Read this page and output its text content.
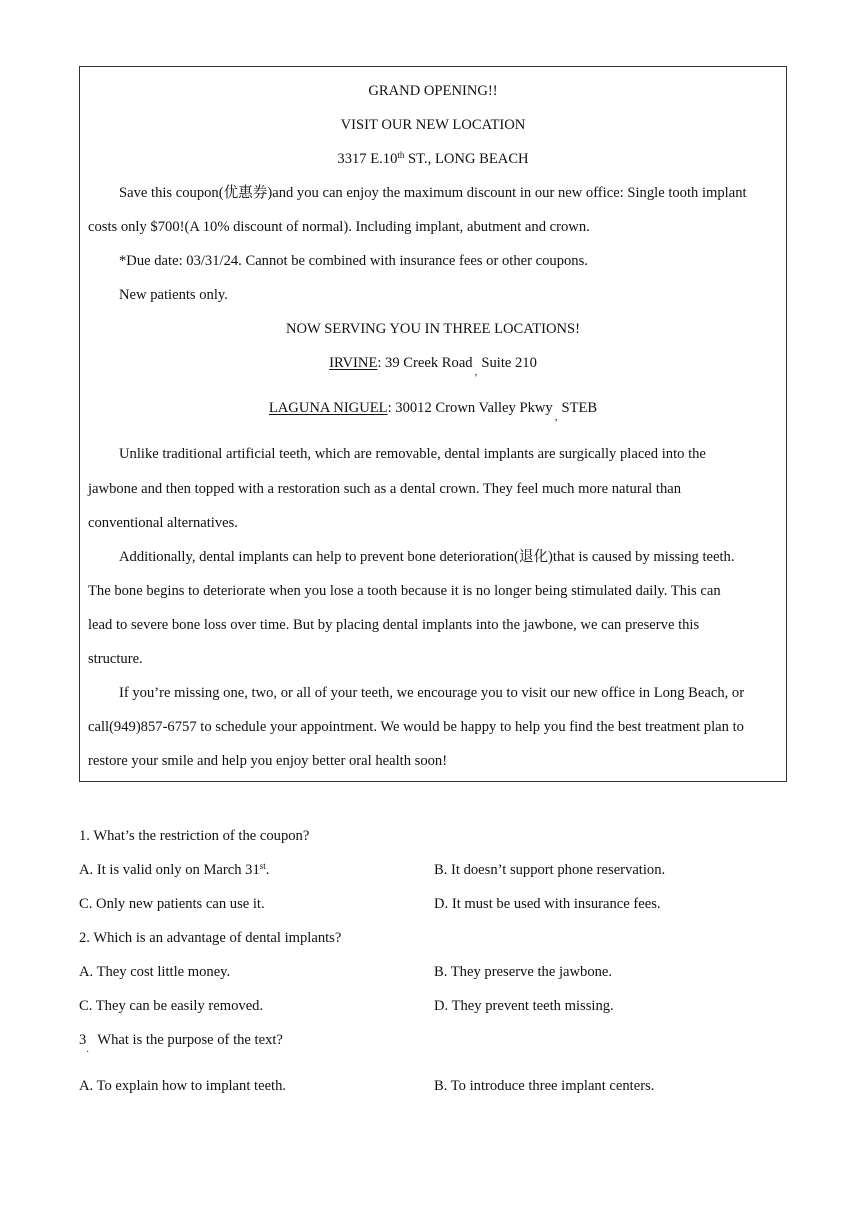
GRAND OPENING!!
VISIT OUR NEW LOCATION
3317 E.10th ST., LONG BEACH
Save this coupon(优惠券)and you can enjoy the maximum discount in our new office: Single tooth implant
costs only $700!(A 10% discount of normal). Including implant, abutment and crown.
*Due date: 03/31/24. Cannot be combined with insurance fees or other coupons.
New patients only.
NOW SERVING YOU IN THREE LOCATIONS!
IRVINE: 39 Creek Road$_,$Suite 210
LAGUNA NIGUEL: 30012 Crown Valley Pkwy$_,$STEB
Unlike traditional artificial teeth, which are removable, dental implants are surgically placed into the
jawbone and then topped with a restoration such as a dental crown. They feel much more natural than
conventional alternatives.
Additionally, dental implants can help to prevent bone deterioration(退化)that is caused by missing teeth.
The bone begins to deteriorate when you lose a tooth because it is no longer being stimulated daily. This can
lead to severe bone loss over time. But by placing dental implants into the jawbone, we can preserve this
structure.
If you’re missing one, two, or all of your teeth, we encourage you to visit our new office in Long Beach, or
call(949)857-6757 to schedule your appointment. We would be happy to help you find the best treatment plan to
restore your smile and help you enjoy better oral health soon!
1. What’s the restriction of the coupon?
A. It is valid only on March 31st.	B. It doesn’t support phone reservation.
C. Only new patients can use it.	D. It must be used with insurance fees.
2. Which is an advantage of dental implants?
A. They cost little money.	B. They preserve the jawbone.
C. They can be easily removed.	D. They prevent teeth missing.
3 What is the purpose of the text?
·
A. To explain how to implant teeth.	B. To introduce three implant centers.
